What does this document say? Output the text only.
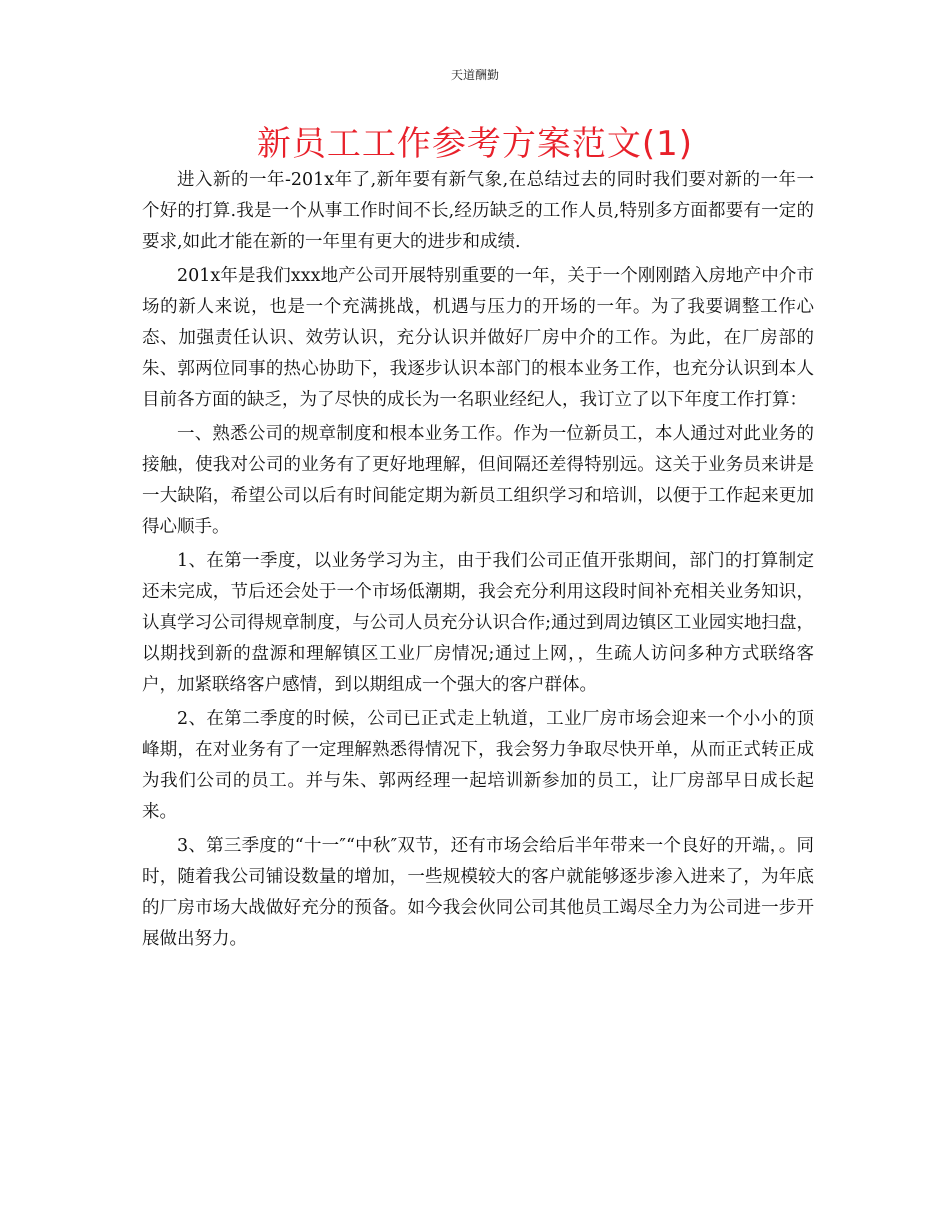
天道酬勤
新员工工作参考方案范文(1)

进入新的一年-201x年了,新年要有新气象,在总结过去的同时我们要对新的一年一个好的打算.我是一个从事工作时间不长,经历缺乏的工作人员,特别多方面都要有一定的要求,如此才能在新的一年里有更大的进步和成绩.

201x年是我们xxx地产公司开展特别重要的一年，关于一个刚刚踏入房地产中介市场的新人来说，也是一个充满挑战，机遇与压力的开场的一年。为了我要调整工作心态、加强责任认识、效劳认识，充分认识并做好厂房中介的工作。为此，在厂房部的朱、郭两位同事的热心协助下，我逐步认识本部门的根本业务工作，也充分认识到本人目前各方面的缺乏，为了尽快的成长为一名职业经纪人，我订立了以下年度工作打算：

一、熟悉公司的规章制度和根本业务工作。作为一位新员工，本人通过对此业务的接触，使我对公司的业务有了更好地理解，但间隔还差得特别远。这关于业务员来讲是一大缺陷，希望公司以后有时间能定期为新员工组织学习和培训，以便于工作起来更加得心顺手。

1、在第一季度，以业务学习为主，由于我们公司正值开张期间，部门的打算制定还未完成，节后还会处于一个市场低潮期，我会充分利用这段时间补充相关业务知识，认真学习公司得规章制度，与公司人员充分认识合作;通过到周边镇区工业园实地扫盘，以期找到新的盘源和理解镇区工业厂房情况;通过上网，，生疏人访问多种方式联络客户，加紧联络客户感情，到以期组成一个强大的客户群体。

2、在第二季度的时候，公司已正式走上轨道，工业厂房市场会迎来一个小小的顶峰期，在对业务有了一定理解熟悉得情况下，我会努力争取尽快开单，从而正式转正成为我们公司的员工。并与朱、郭两经理一起培训新参加的员工，让厂房部早日成长起来。

3、第三季度的“十一″“中秋″双节，还有市场会给后半年带来一个良好的开端，。同时，随着我公司铺设数量的增加，一些规模较大的客户就能够逐步渗入进来了，为年底的厂房市场大战做好充分的预备。如今我会伙同公司其他员工竭尽全力为公司进一步开展做出努力。
